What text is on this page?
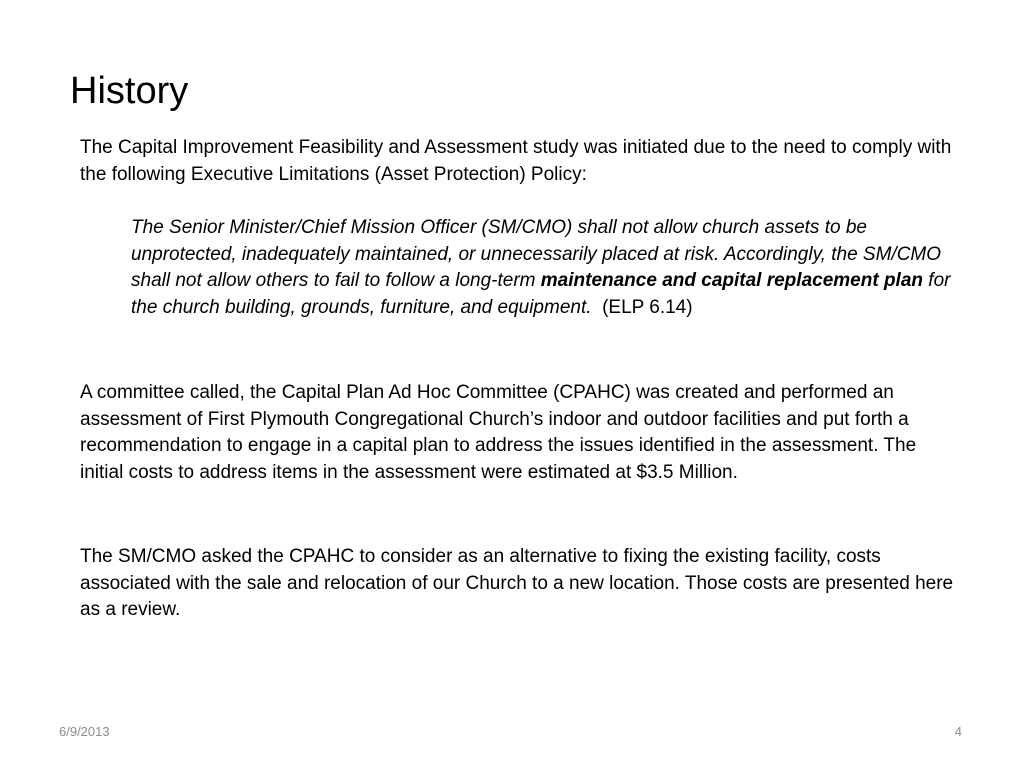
History

The Capital Improvement Feasibility and Assessment study was initiated due to the need to comply with the following Executive Limitations (Asset Protection) Policy:

The Senior Minister/Chief Mission Officer (SM/CMO) shall not allow church assets to be unprotected, inadequately maintained, or unnecessarily placed at risk. Accordingly, the SM/CMO shall not allow others to fail to follow a long-term maintenance and capital replacement plan for the church building, grounds, furniture, and equipment. (ELP 6.14)

A committee called, the Capital Plan Ad Hoc Committee (CPAHC) was created and performed an assessment of First Plymouth Congregational Church’s indoor and outdoor facilities and put forth a recommendation to engage in a capital plan to address the issues identified in the assessment. The initial costs to address items in the assessment were estimated at $3.5 Million.

The SM/CMO asked the CPAHC to consider as an alternative to fixing the existing facility, costs associated with the sale and relocation of our Church to a new location. Those costs are presented here as a review.

6/9/2013	4
